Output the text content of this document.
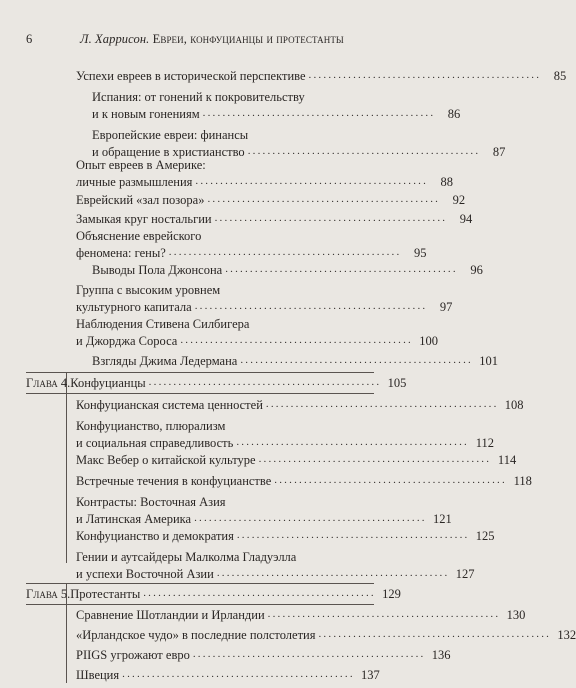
6	Л. Харрисон. Евреи, конфуцианцы и протестанты
Успехи евреев в исторической перспективе ...............................................	85
Испания: от гонений к покровительству
и к новым гонениям ...............................................	86
Европейские евреи: финансы
и обращение в христианство ...............................................	87
Опыт евреев в Америке:
личные размышления ...............................................	88
Еврейский «зал позора» ...............................................	92
Замыкая круг ностальгии ...............................................	94
Объяснение еврейского
феномена: гены? ...............................................	95
Выводы Пола Джонсона ...............................................	96
Группа с высоким уровнем
культурного капитала ...............................................	97
Наблюдения Стивена Силбигера
и Джорджа Сороса ............................................... 100
Взгляды Джима Ледермана ............................................... 101
Глава 4. Конфуцианцы ............................................... 105
Конфуцианская система ценностей ............................................... 108
Конфуцианство, плюрализм
и социальная справедливость ............................................... 112
Макс Вебер о китайской культуре ............................................... 114
Встречные течения в конфуцианстве ............................................... 118
Контрасты: Восточная Азия
и Латинская Америка ............................................... 121
Конфуцианство и демократия ............................................... 125
Гении и аутсайдеры Малколма Гладуэлла
и успехи Восточной Азии ............................................... 127
Глава 5. Протестанты ............................................... 129
Сравнение Шотландии и Ирландии ............................................... 130
«Ирландское чудо» в последние полстолетия ............................................... 132
PIIGS угрожают евро ............................................... 136
Швеция ............................................... 137
